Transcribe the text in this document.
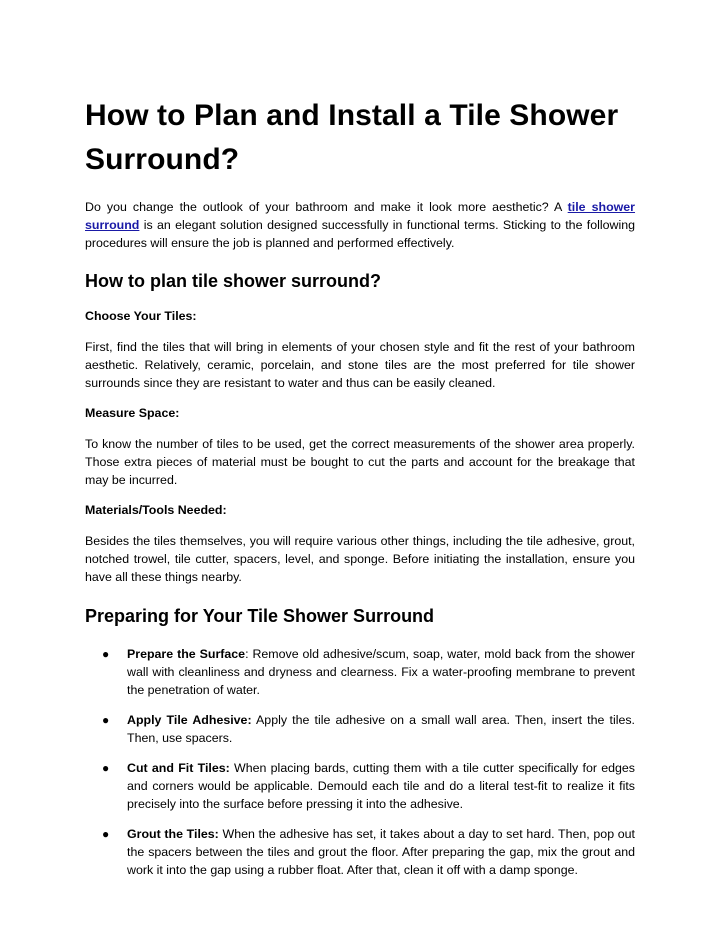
How to Plan and Install a Tile Shower Surround?

Do you change the outlook of your bathroom and make it look more aesthetic? A tile shower surround is an elegant solution designed successfully in functional terms. Sticking to the following procedures will ensure the job is planned and performed effectively.

How to plan tile shower surround?
Choose Your Tiles:

First, find the tiles that will bring in elements of your chosen style and fit the rest of your bathroom aesthetic. Relatively, ceramic, porcelain, and stone tiles are the most preferred for tile shower surrounds since they are resistant to water and thus can be easily cleaned.

Measure Space:

To know the number of tiles to be used, get the correct measurements of the shower area properly. Those extra pieces of material must be bought to cut the parts and account for the breakage that may be incurred.

Materials/Tools Needed:

Besides the tiles themselves, you will require various other things, including the tile adhesive, grout, notched trowel, tile cutter, spacers, level, and sponge. Before initiating the installation, ensure you have all these things nearby.

Preparing for Your Tile Shower Surround
● Prepare the Surface: Remove old adhesive/scum, soap, water, mold back from the shower wall with cleanliness and dryness and clearness. Fix a water-proofing membrane to prevent the penetration of water.

● Apply Tile Adhesive: Apply the tile adhesive on a small wall area. Then, insert the tiles. Then, use spacers.

● Cut and Fit Tiles: When placing bards, cutting them with a tile cutter specifically for edges and corners would be applicable. Demould each tile and do a literal test-fit to realize it fits precisely into the surface before pressing it into the adhesive.

● Grout the Tiles: When the adhesive has set, it takes about a day to set hard. Then, pop out the spacers between the tiles and grout the floor. After preparing the gap, mix the grout and work it into the gap using a rubber float. After that, clean it off with a damp sponge.
